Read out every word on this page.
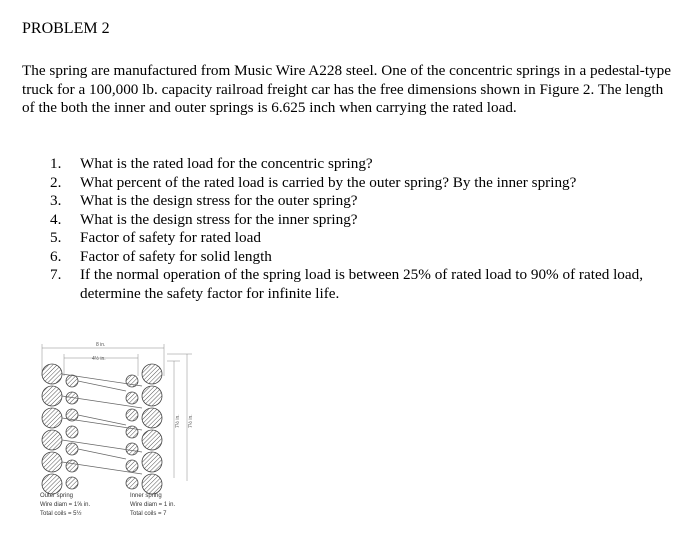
PROBLEM 2
The spring are manufactured from Music Wire A228 steel. One of the concentric springs in a pedestal-type truck for a 100,000 lb. capacity railroad freight car has the free dimensions shown in Figure 2. The length of the both the inner and outer springs is 6.625 inch when carrying the rated load.
1. What is the rated load for the concentric spring?
2. What percent of the rated load is carried by the outer spring? By the inner spring?
3. What is the design stress for the outer spring?
4. What is the design stress for the inner spring?
5. Factor of safety for rated load
6. Factor of safety for solid length
7. If the normal operation of the spring load is between 25% of rated load to 90% of rated load, determine the safety factor for infinite life.
8 in.
4½ in.
7½ in. 7½ in.
Outer spring
Wire diam = 1⅝ in.
Total coils = 5½
Inner spring
Wire diam = 1 in.
Total coils = 7
